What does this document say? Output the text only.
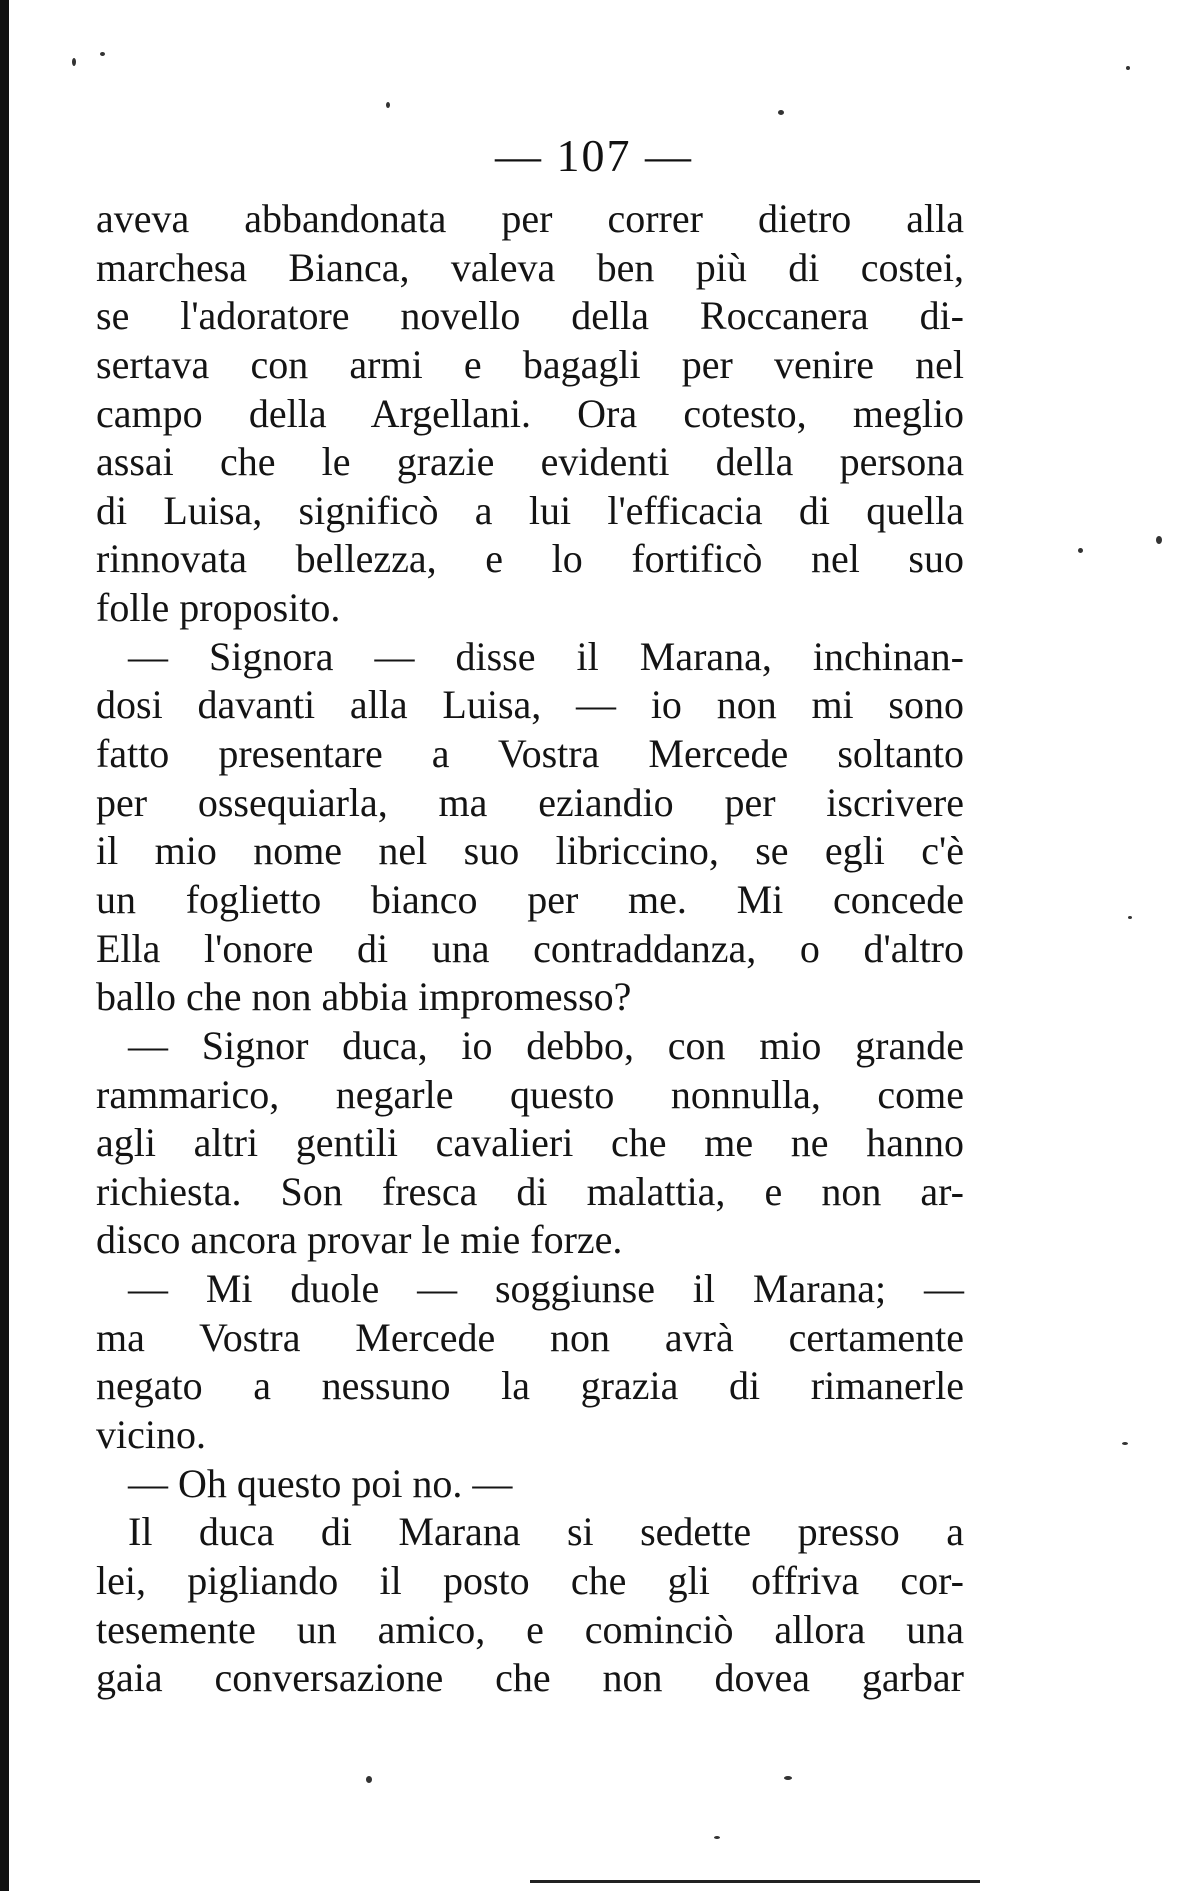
— 107 —
aveva abbandonata per correr dietro alla
marchesa Bianca, valeva ben più di costei,
se l'adoratore novello della Roccanera di-
sertava con armi e bagagli per venire nel
campo della Argellani. Ora cotesto, meglio
assai che le grazie evidenti della persona
di Luisa, significò a lui l'efficacia di quella
rinnovata bellezza, e lo fortificò nel suo
folle proposito.
— Signora — disse il Marana, inchinan-
dosi davanti alla Luisa, — io non mi sono
fatto presentare a Vostra Mercede soltanto
per ossequiarla, ma eziandio per iscrivere
il mio nome nel suo libriccino, se egli c'è
un foglietto bianco per me. Mi concede
Ella l'onore di una contraddanza, o d'altro
ballo che non abbia impromesso?
— Signor duca, io debbo, con mio grande
rammarico, negarle questo nonnulla, come
agli altri gentili cavalieri che me ne hanno
richiesta. Son fresca di malattia, e non ar-
disco ancora provar le mie forze.
— Mi duole — soggiunse il Marana; —
ma Vostra Mercede non avrà certamente
negato a nessuno la grazia di rimanerle
vicino.
— Oh questo poi no. —
Il duca di Marana si sedette presso a
lei, pigliando il posto che gli offriva cor-
tesemente un amico, e cominciò allora una
gaia conversazione che non dovea garbar
